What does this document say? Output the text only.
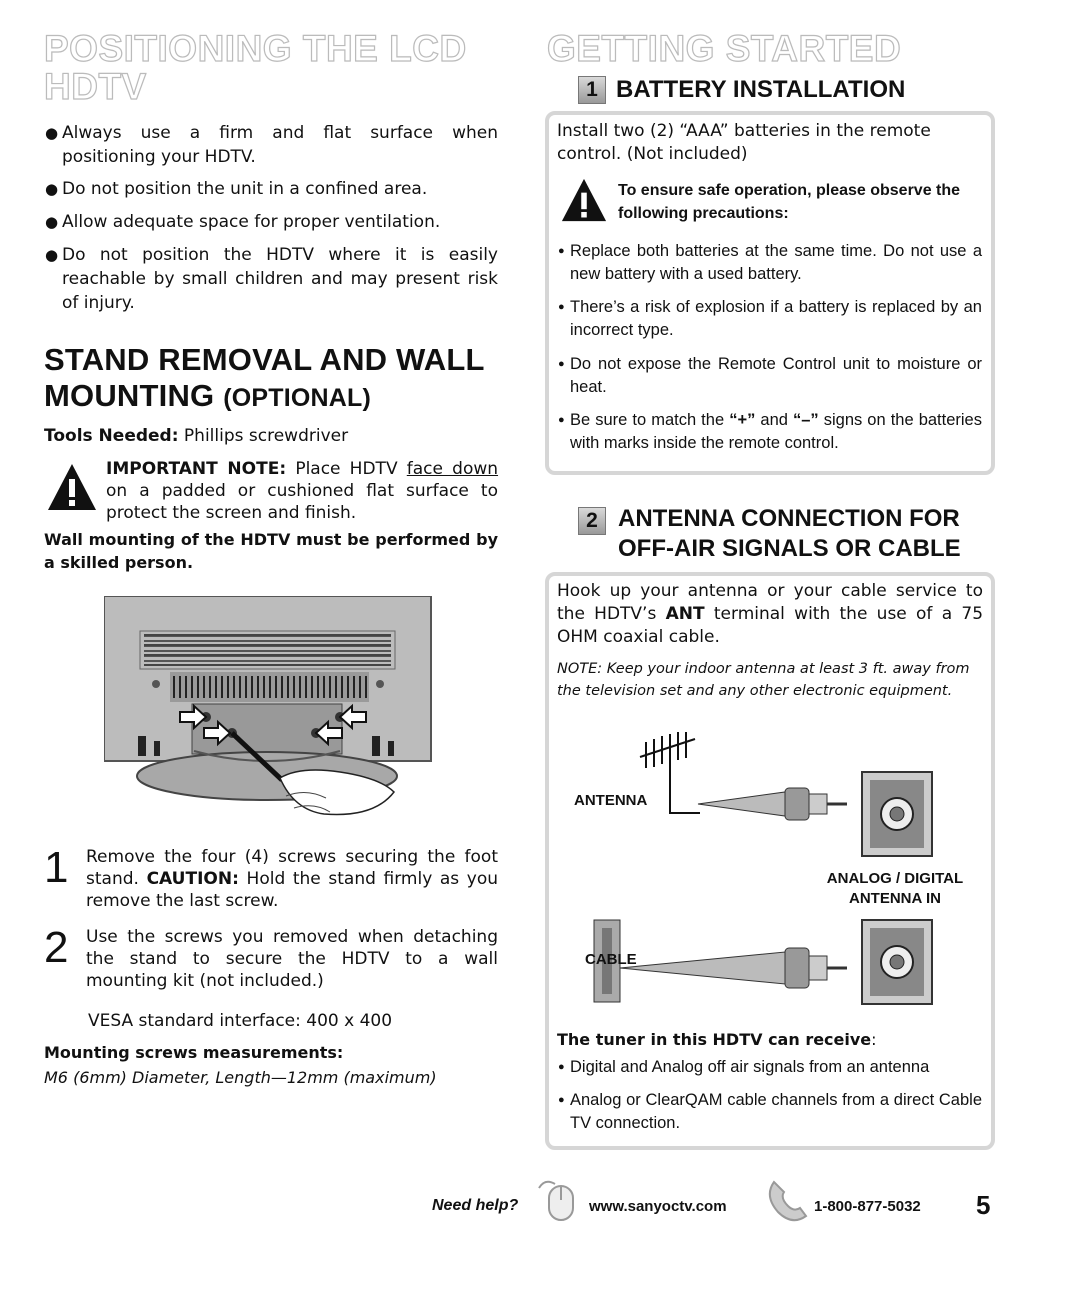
POSITIONING THE LCD
HDTV
● Always use a firm and flat surface when positioning your HDTV.
● Do not position the unit in a confined area.
● Allow adequate space for proper ventilation.
● Do not position the HDTV where it is easily reachable by small children and may present risk of injury.
STAND REMOVAL AND WALL
MOUNTING (OPTIONAL)
Tools Needed: Phillips screwdriver
IMPORTANT NOTE: Place HDTV face down on a padded or cushioned flat surface to protect the screen and finish.
Wall mounting of the HDTV must be performed by a skilled person.
1 Remove the four (4) screws securing the foot stand. CAUTION: Hold the stand firmly as you remove the last screw.
2 Use the screws you removed when detaching the stand to secure the HDTV to a wall mounting kit (not included.)
VESA standard interface: 400 x 400
Mounting screws measurements:
M6 (6mm) Diameter, Length—12mm (maximum)
GETTING STARTED
1 BATTERY INSTALLATION
Install two (2) “AAA” batteries in the remote control. (Not included)
To ensure safe operation, please observe the following precautions:
● Replace both batteries at the same time. Do not use a new battery with a used battery.
● There’s a risk of explosion if a battery is replaced by an incorrect type.
● Do not expose the Remote Control unit to moisture or heat.
● Be sure to match the “+” and “–” signs on the batteries with marks inside the remote control.
2 ANTENNA CONNECTION FOR
OFF-AIR SIGNALS OR CABLE
Hook up your antenna or your cable service to the HDTV’s ANT terminal with the use of a 75 OHM coaxial cable.
NOTE: Keep your indoor antenna at least 3 ft. away from the television set and any other electronic equipment.
ANTENNA
ANALOG / DIGITAL
ANTENNA IN
CABLE
The tuner in this HDTV can receive:
● Digital and Analog off air signals from an antenna
● Analog or ClearQAM cable channels from a direct Cable TV connection.
Need help?	www.sanyoctv.com	1-800-877-5032 5
